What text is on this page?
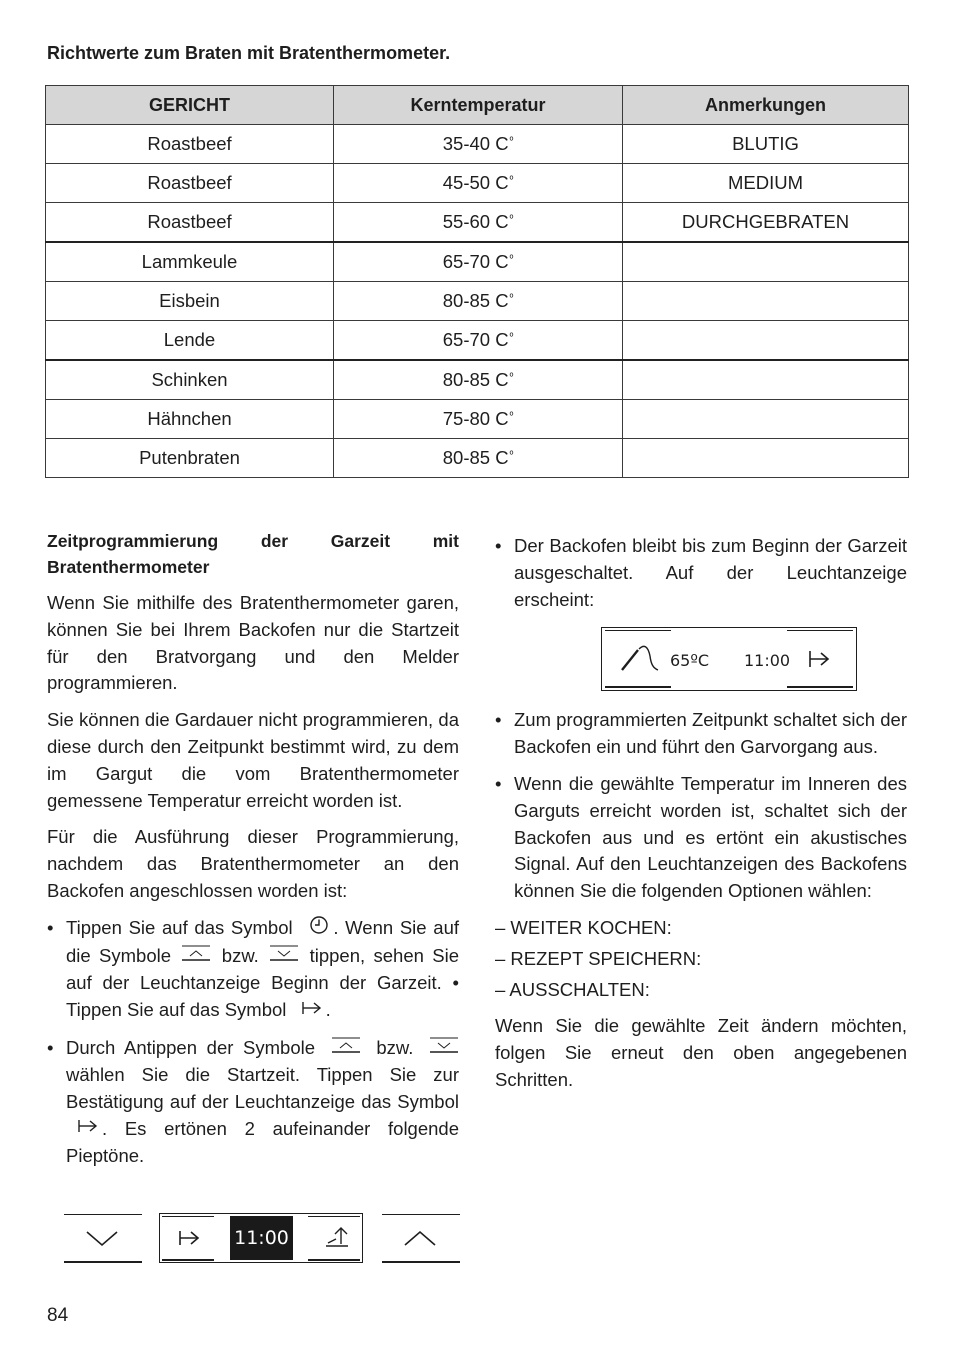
Richtwerte zum Braten mit Bratenthermometer.
GERICHT	Kerntemperatur	Anmerkungen
Roastbeef	35-40 $C^º$	BLUTIG
Roastbeef	45-50 $C^º$	MEDIUM
Roastbeef	55-60 $C^º$	DURCHGEBRATEN
Lammkeule	65-70 $C^º$	
Eisbein	80-85 $C^º$	
Lende	65-70 $C^º$	
Schinken	80-85 $C^º$	
Hähnchen	75-80 $C^º$	
Putenbraten	80-85 $C^º$	
Zeitprogrammierung der Garzeit mit
Bratenthermometer

Wenn Sie mithilfe des Bratenthermometer garen, können Sie bei Ihrem Backofen nur die Startzeit für den Bratvorgang und den Melder programmieren.

Sie können die Gardauer nicht programmieren, da diese durch den Zeitpunkt bestimmt wird, zu dem im Gargut die vom Bratenthermometer gemessene Temperatur erreicht worden ist.

Für die Ausführung dieser Programmierung, nachdem das Bratenthermometer an den Backofen angeschlossen worden ist:

• Tippen Sie auf das Symbol . Wenn Sie auf die Symbole	bzw.	tippen, sehen Sie auf der Leuchtanzeige Beginn der Garzeit. • Tippen Sie auf das Symbol .
• Durch Antippen der Symbole	bzw.  wählen Sie die Startzeit. Tippen Sie zur Bestätigung auf der Leuchtanzeige das Symbol . Es ertönen 2 aufeinander folgende Pieptöne.
11:00
• Der Backofen bleibt bis zum Beginn der Garzeit ausgeschaltet. Auf der Leuchtanzeige erscheint:
65ºC 11:00
• Zum programmierten Zeitpunkt schaltet sich der Backofen ein und führt den Garvorgang aus.
• Wenn die gewählte Temperatur im Inneren des Garguts erreicht worden ist, schaltet sich der Backofen aus und es ertönt ein akustisches Signal. Auf den Leuchtanzeigen des Backofens können Sie die folgenden Optionen wählen:
– WEITER KOCHEN:
– REZEPT SPEICHERN:
– AUSSCHALTEN:

Wenn Sie die gewählte Zeit ändern möchten, folgen Sie erneut den oben angegebenen Schritten.

84
